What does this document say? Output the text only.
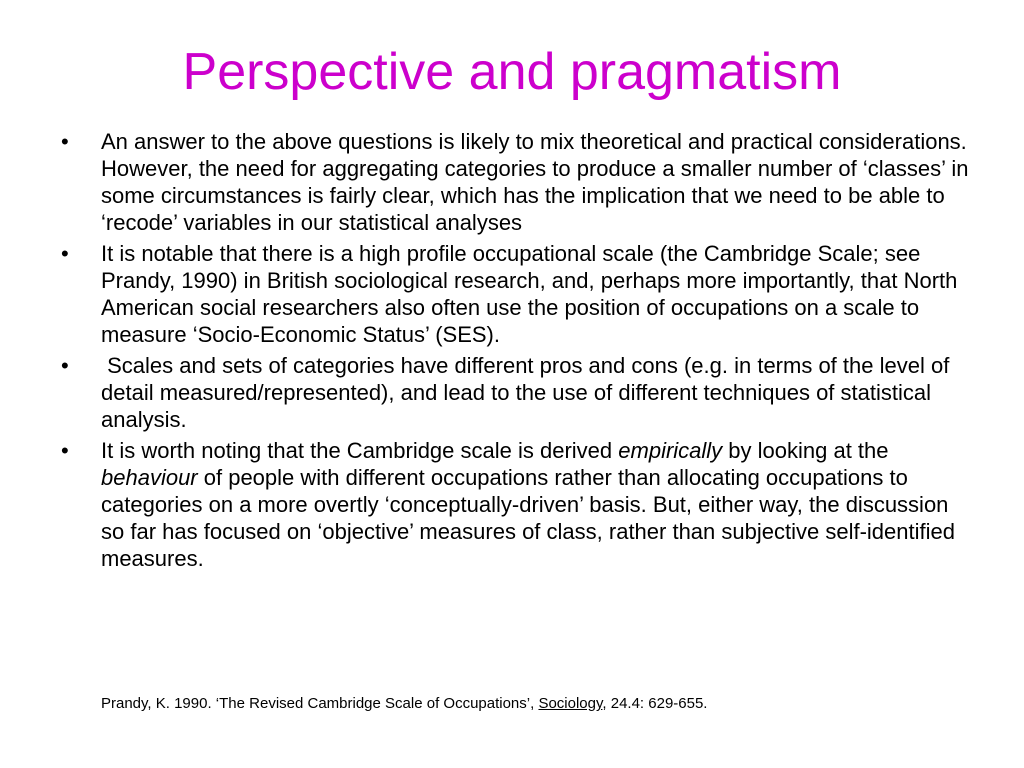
Perspective and pragmatism
• An answer to the above questions is likely to mix theoretical and practical considerations. However, the need for aggregating categories to produce a smaller number of ‘classes’ in some circumstances is fairly clear, which has the implication that we need to be able to ‘recode’ variables in our statistical analyses
• It is notable that there is a high profile occupational scale (the Cambridge Scale; see Prandy, 1990) in British sociological research, and, perhaps more importantly, that North American social researchers also often use the position of occupations on a scale to measure ‘Socio-Economic Status’ (SES).
• Scales and sets of categories have different pros and cons (e.g. in terms of the level of detail measured/represented), and lead to the use of different techniques of statistical analysis.
• It is worth noting that the Cambridge scale is derived empirically by looking at the behaviour of people with different occupations rather than allocating occupations to categories on a more overtly ‘conceptually-driven’ basis. But, either way, the discussion so far has focused on ‘objective’ measures of class, rather than subjective self-identified measures.
Prandy, K. 1990. ‘The Revised Cambridge Scale of Occupations’, Sociology, 24.4: 629-655.
